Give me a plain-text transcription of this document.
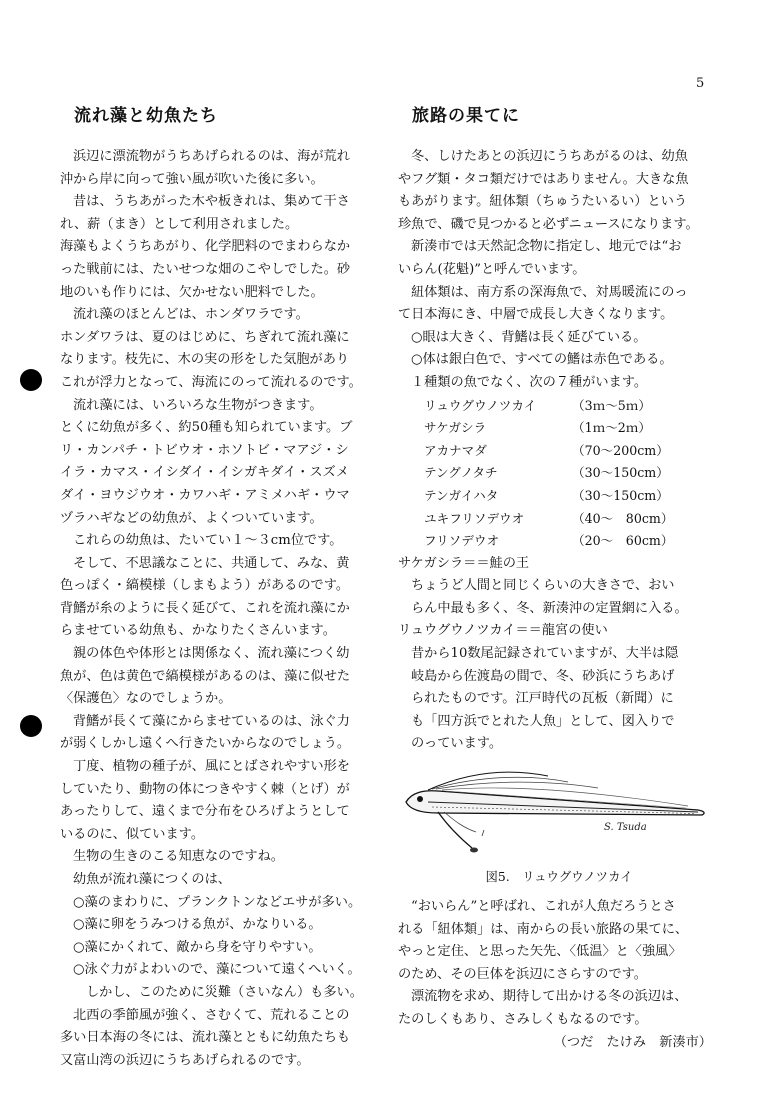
5
流れ藻と幼魚たち
浜辺に漂流物がうちあげられるのは、海が荒れ
沖から岸に向って強い風が吹いた後に多い。
昔は、うちあがった木や板きれは、集めて干さ
れ、薪（まき）として利用されました。
海藻もよくうちあがり、化学肥料のでまわらなか
った戦前には、たいせつな畑のこやしでした。砂
地のいも作りには、欠かせない肥料でした。
流れ藻のほとんどは、ホンダワラです。
ホンダワラは、夏のはじめに、ちぎれて流れ藻に
なります。枝先に、木の実の形をした気胞があり
これが浮力となって、海流にのって流れるのです。
流れ藻には、いろいろな生物がつきます。
とくに幼魚が多く、約50種も知られています。ブ
リ・カンパチ・トビウオ・ホソトビ・マアジ・シ
イラ・カマス・イシダイ・イシガキダイ・スズメ
ダイ・ヨウジウオ・カワハギ・アミメハギ・ウマ
ヅラハギなどの幼魚が、よくついています。
これらの幼魚は、たいてい１～３cm位です。
そして、不思議なことに、共通して、みな、黄
色っぽく・縞模様（しまもよう）があるのです。
背鰭が糸のように長く延びて、これを流れ藻にか
らませている幼魚も、かなりたくさんいます。
親の体色や体形とは関係なく、流れ藻につく幼
魚が、色は黄色で縞模様があるのは、藻に似せた
〈保護色〉なのでしょうか。
背鰭が長くて藻にからませているのは、泳ぐ力
が弱くしかし遠くへ行きたいからなのでしょう。
丁度、植物の種子が、風にとばされやすい形を
していたり、動物の体につきやすく棘（とげ）が
あったりして、遠くまで分布をひろげようとして
いるのに、似ています。
生物の生きのこる知恵なのですね。
幼魚が流れ藻につくのは、
○藻のまわりに、プランクトンなどエサが多い。
○藻に卵をうみつける魚が、かなりいる。
○藻にかくれて、敵から身を守りやすい。
○泳ぐ力がよわいので、藻について遠くへいく。
しかし、このために災難（さいなん）も多い。
北西の季節風が強く、さむくて、荒れることの
多い日本海の冬には、流れ藻とともに幼魚たちも
又富山湾の浜辺にうちあげられるのです。
旅路の果てに
冬、しけたあとの浜辺にうちあがるのは、幼魚
やフグ類・タコ類だけではありません。大きな魚
もあがります。紐体類（ちゅうたいるい）という
珍魚で、磯で見つかると必ずニュースになります。
新湊市では天然記念物に指定し、地元では“お
いらん(花魁)”と呼んでいます。
紐体類は、南方系の深海魚で、対馬暖流にのっ
て日本海にき、中層で成長し大きくなります。
○眼は大きく、背鰭は長く延びている。
○体は銀白色で、すべての鰭は赤色である。
１種類の魚でなく、次の７種がいます。
リュウグウノツカイ	（3ｍ～5ｍ）
サケガシラ	（1ｍ～2ｍ）
アカナマダ	（70～200cm）
テングノタチ	（30～150cm）
テンガイハタ	（30～150cm）
ユキフリソデウオ	（40～　80cm）
フリソデウオ	（20～　60cm）
サケガシラ＝＝鮭の王
ちょうど人間と同じくらいの大きさで、おい
らん中最も多く、冬、新湊沖の定置網に入る。
リュウグウノツカイ＝＝龍宮の使い
昔から10数尾記録されていますが、大半は隠
岐島から佐渡島の間で、冬、砂浜にうちあげ
られたものです。江戸時代の瓦板（新聞）に
も「四方浜でとれた人魚」として、図入りで
のっています。
S. Tsuda
図5.　リュウグウノツカイ
“おいらん”と呼ばれ、これが人魚だろうとさ
れる「紐体類」は、南からの長い旅路の果てに、
やっと定住、と思った矢先、〈低温〉と〈強風〉
のため、その巨体を浜辺にさらすのです。
漂流物を求め、期待して出かける冬の浜辺は、
たのしくもあり、さみしくもなるのです。
（つだ　たけみ　新湊市）
